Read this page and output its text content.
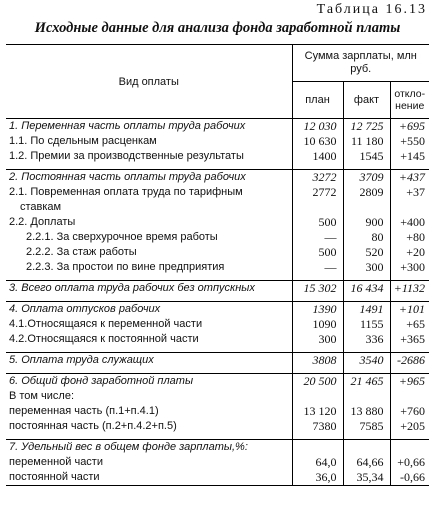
Таблица 16.13
Исходные данные для анализа фонда заработной платы
Вид оплаты	Сумма зарплаты, млн руб.		
	план	факт	откло-нение
1. Переменная часть оплаты труда рабочих	12 030	12 725	+695
1.1. По сдельным расценкам	10 630	11 180	+550
1.2. Премии за производственные результаты	1400	1545	+145

2. Постоянная часть оплаты труда рабочих	3272	3709	+437
2.1. Повременная оплата труда по тарифным	2772	2809	+37
ставкам			
2.2. Доплаты	500	900	+400
2.2.1. За сверхурочное время работы	—	80	+80
2.2.2. За стаж работы	500	520	+20
2.2.3. За простои по вине предприятия	—	300	+300

3. Всего оплата труда рабочих без отпускных	15 302	16 434	+1132

4. Оплата отпусков рабочих	1390	1491	+101
4.1.Относящаяся к переменной части	1090	1155	+65
4.2.Относящаяся к постоянной части	300	336	+365

5. Оплата труда служащих	3808	3540	-2686

6. Общий фонд заработной платы	20 500	21 465	+965
В том числе:			
переменная часть (п.1+п.4.1)	13 120	13 880	+760
постоянная часть (п.2+п.4.2+п.5)	7380	7585	+205

7. Удельный вес в общем фонде зарплаты,%:			
переменной части	64,0	64,66	+0,66
постоянной части	36,0	35,34	-0,66
